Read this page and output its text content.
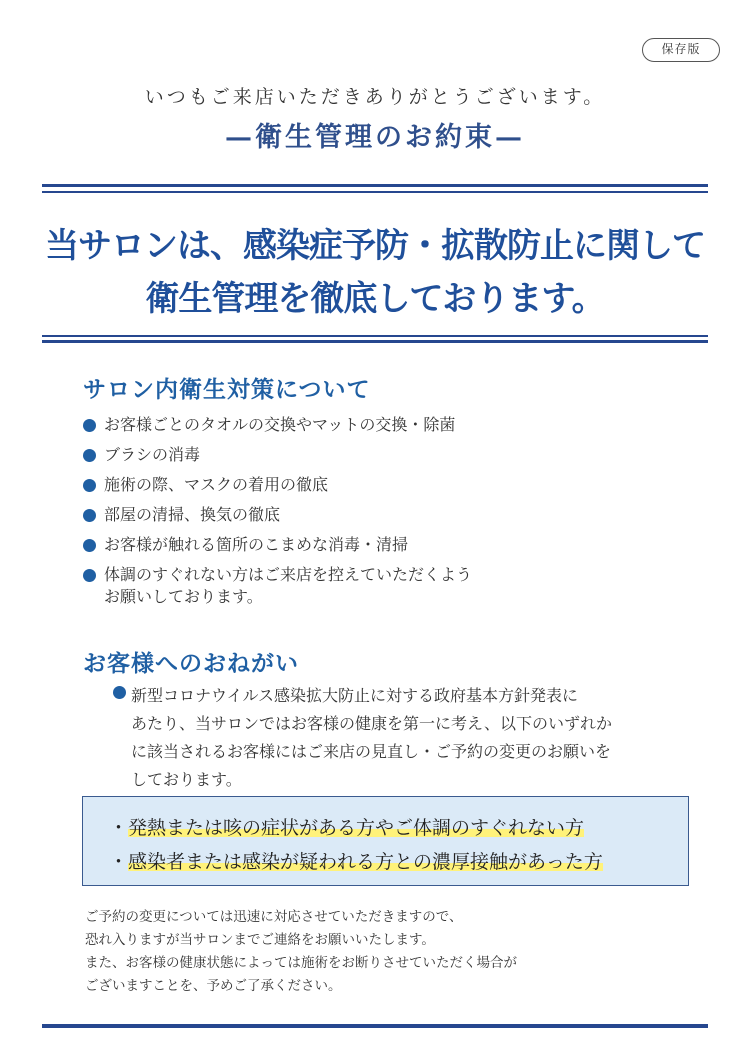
保存版
いつもご来店いただきありがとうございます。
—衛生管理のお約束—
当サロンは、感染症予防・拡散防止に関して
衛生管理を徹底しております。
サロン内衛生対策について
お客様ごとのタオルの交換やマットの交換・除菌
ブラシの消毒
施術の際、マスクの着用の徹底
部屋の清掃、換気の徹底
お客様が触れる箇所のこまめな消毒・清掃
体調のすぐれない方はご来店を控えていただくよう
お願いしております。
お客様へのおねがい

新型コロナウイルス感染拡大防止に対する政府基本方針発表に

あたり、当サロンではお客様の健康を第一に考え、以下のいずれか

に該当されるお客様にはご来店の見直し・ご予約の変更のお願いを

しております。

・発熱または咳の症状がある方やご体調のすぐれない方
・感染者または感染が疑われる方との濃厚接触があった方

ご予約の変更については迅速に対応させていただきますので、

恐れ入りますが当サロンまでご連絡をお願いいたします。

また、お客様の健康状態によっては施術をお断りさせていただく場合が

ございますことを、予めご了承ください。
